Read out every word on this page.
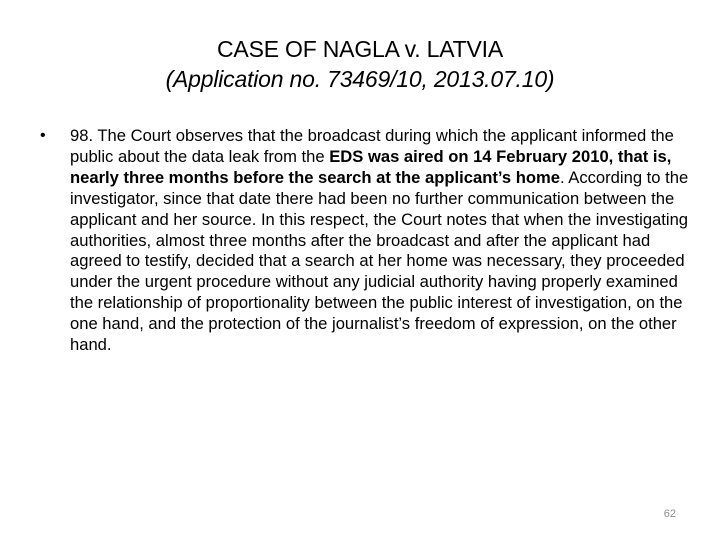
CASE OF NAGLA v. LATVIA
(Application no. 73469/10, 2013.07.10)
•	98. The Court observes that the broadcast during which the applicant informed the public about the data leak from the EDS was aired on 14 February 2010, that is, nearly three months before the search at the applicant’s home. According to the investigator, since that date there had been no further communication between the applicant and her source. In this respect, the Court notes that when the investigating authorities, almost three months after the broadcast and after the applicant had agreed to testify, decided that a search at her home was necessary, they proceeded under the urgent procedure without any judicial authority having properly examined the relationship of proportionality between the public interest of investigation, on the one hand, and the protection of the journalist’s freedom of expression, on the other hand.
62
